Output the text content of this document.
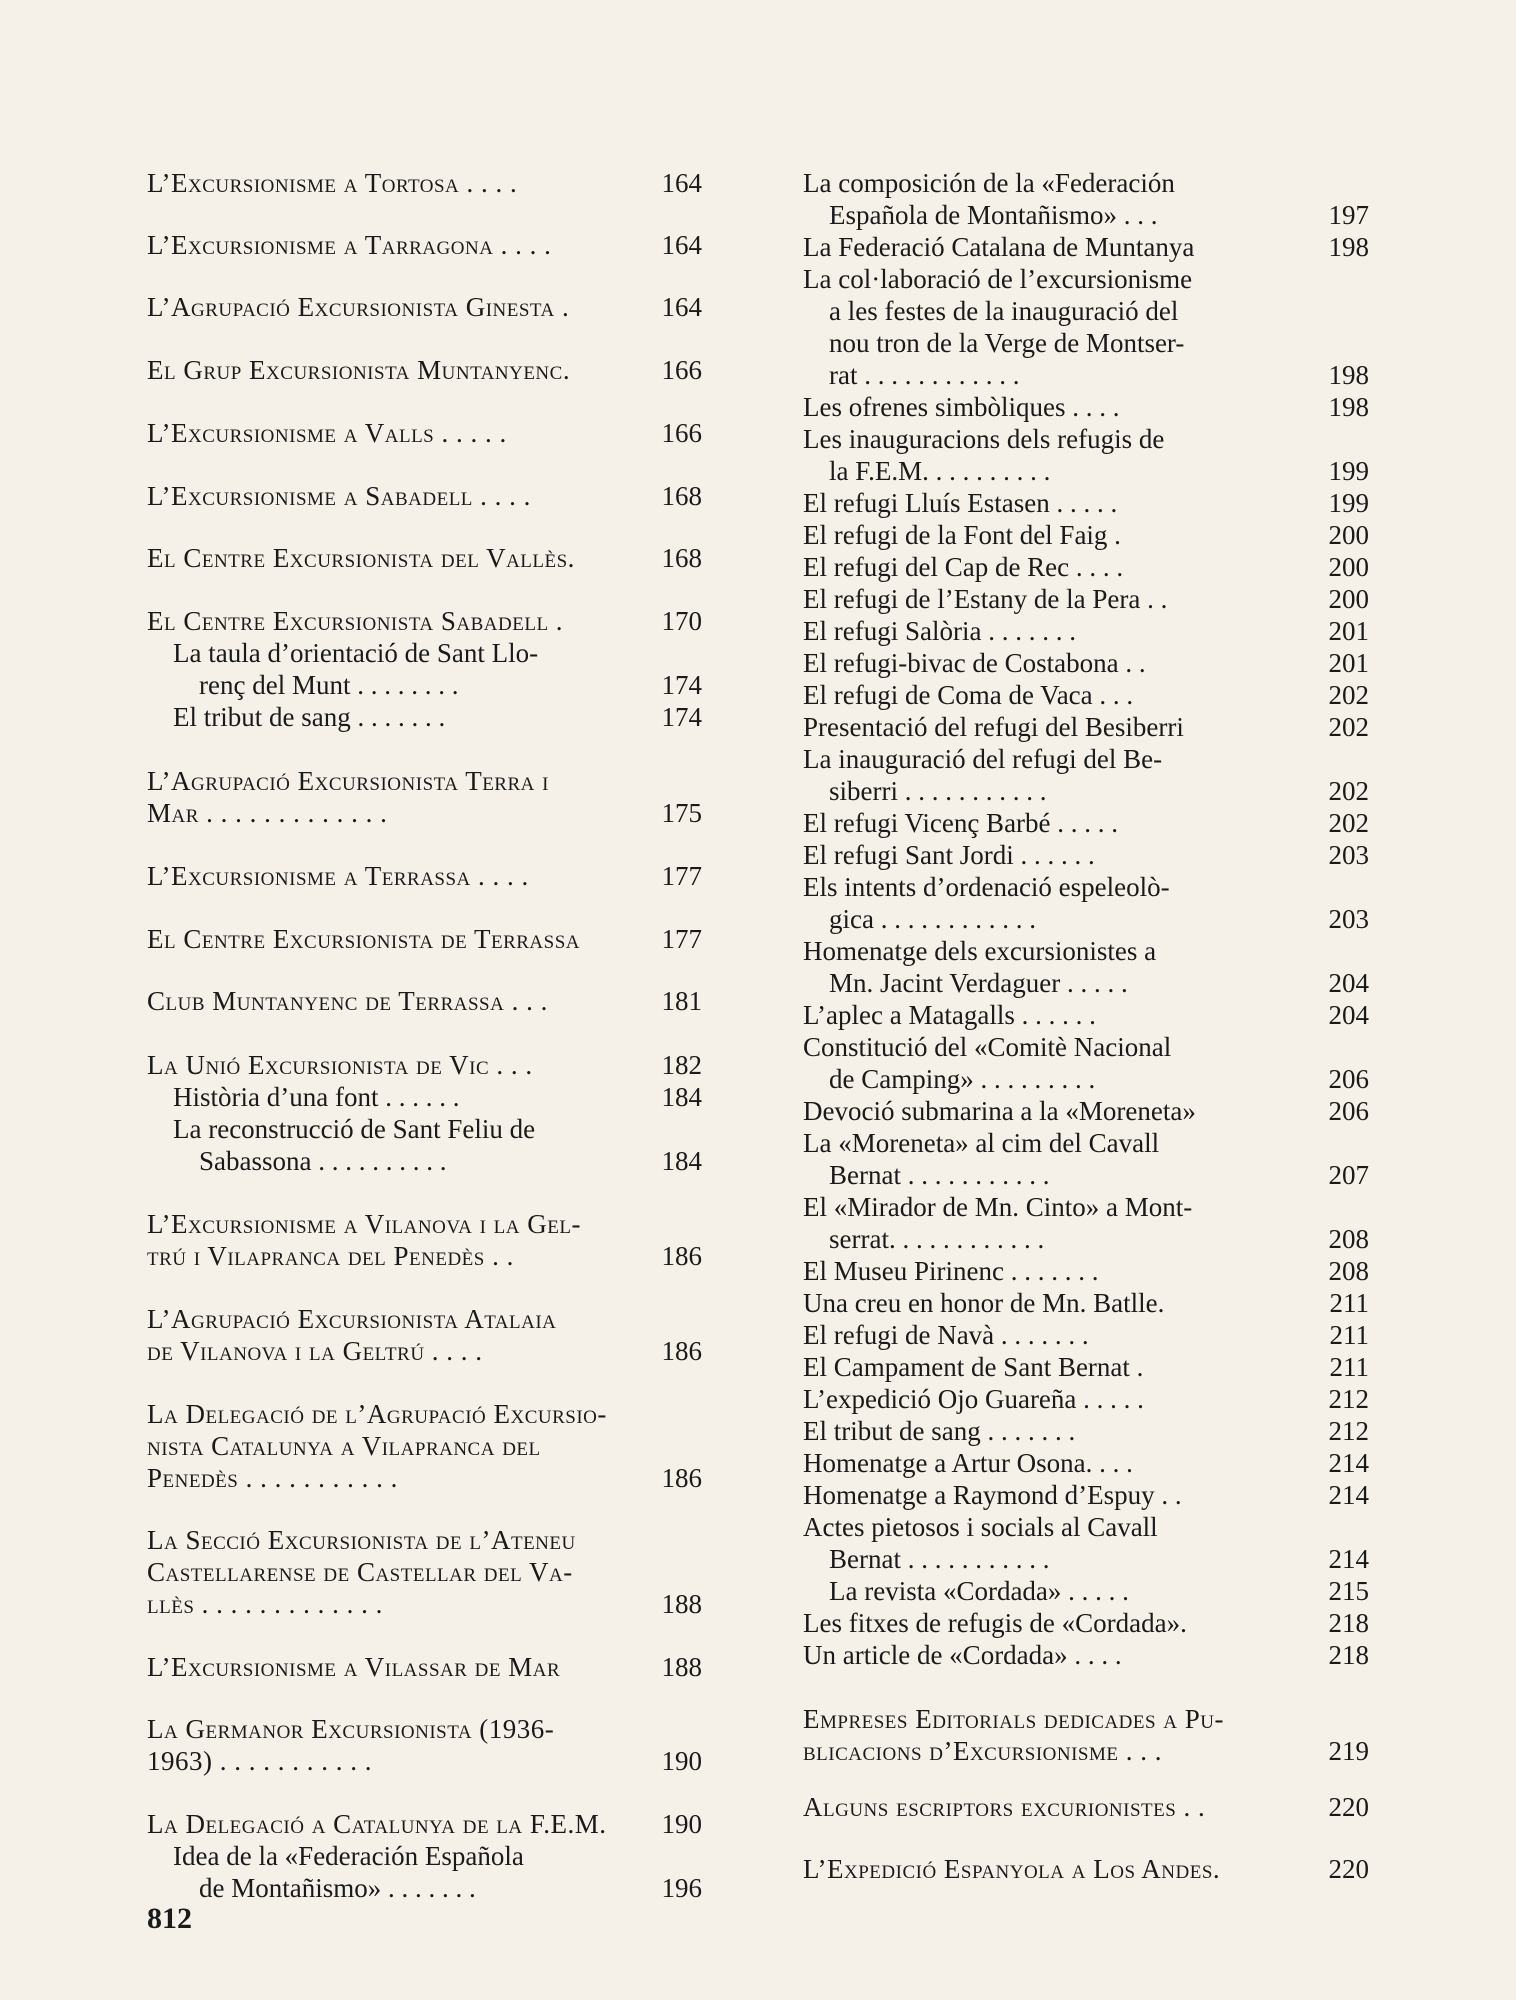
L’Excursionisme a Tortosa . . . .	164
L’Excursionisme a Tarragona . . . .	164
L’Agrupació Excursionista Ginesta .	164
El Grup Excursionista Muntanyenc.	166
L’Excursionisme a Valls . . . . .	166
L’Excursionisme a Sabadell . . . .	168
El Centre Excursionista del Vallès.	168
El Centre Excursionista Sabadell .	170
La taula d’orientació de Sant Llo-
renç del Munt . . . . . . . .	174
El tribut de sang . . . . . . .	174
L’Agrupació Excursionista Terra i
Mar . . . . . . . . . . . . .	175
L’Excursionisme a Terrassa . . . .	177
El Centre Excursionista de Terrassa	177
Club Muntanyenc de Terrassa . . .	181
La Unió Excursionista de Vic . . .	182
Història d’una font . . . . . .	184
La reconstrucció de Sant Feliu de
Sabassona . . . . . . . . . .	184
L’Excursionisme a Vilanova i la Gel-
trú i Vilapranca del Penedès . .	186
L’Agrupació Excursionista Atalaia
de Vilanova i la Geltrú . . . .	186
La Delegació de l’Agrupació Excursio-
nista Catalunya a Vilapranca del
Penedès . . . . . . . . . . .	186
La Secció Excursionista de l’Ateneu
Castellarense de Castellar del Va-
llès . . . . . . . . . . . . .	188
L’Excursionisme a Vilassar de Mar	188
La Germanor Excursionista (1936-
1963) . . . . . . . . . . .	190
La Delegació a Catalunya de la F.E.M.	190
Idea de la «Federación Española
de Montañismo» . . . . . . .	196
La composición de la «Federación
Española de Montañismo» . . .	197
La Federació Catalana de Muntanya	198
La col·laboració de l’excursionisme
a les festes de la inauguració del
nou tron de la Verge de Montser-
rat . . . . . . . . . . . .	198
Les ofrenes simbòliques . . . .	198
Les inauguracions dels refugis de
la F.E.M. . . . . . . . . .	199
El refugi Lluís Estasen . . . . .	199
El refugi de la Font del Faig .	200
El refugi del Cap de Rec . . . .	200
El refugi de l’Estany de la Pera . .	200
El refugi Salòria . . . . . . .	201
El refugi-bivac de Costabona . .	201
El refugi de Coma de Vaca . . .	202
Presentació del refugi del Besiberri	202
La inauguració del refugi del Be-
siberri . . . . . . . . . . .	202
El refugi Vicenç Barbé . . . . .	202
El refugi Sant Jordi . . . . . .	203
Els intents d’ordenació espeleolò-
gica . . . . . . . . . . . .	203
Homenatge dels excursionistes a
Mn. Jacint Verdaguer . . . . .	204
L’aplec a Matagalls . . . . . .	204
Constitució del «Comitè Nacional
de Camping» . . . . . . . . .	206
Devoció submarina a la «Moreneta»	206
La «Moreneta» al cim del Cavall
Bernat . . . . . . . . . . .	207
El «Mirador de Mn. Cinto» a Mont-
serrat. . . . . . . . . . . .	208
El Museu Pirinenc . . . . . . .	208
Una creu en honor de Mn. Batlle.	211
El refugi de Navà . . . . . . .	211
El Campament de Sant Bernat .	211
L’expedició Ojo Guareña . . . . .	212
El tribut de sang . . . . . . .	212
Homenatge a Artur Osona. . . .	214
Homenatge a Raymond d’Espuy . .	214
Actes pietosos i socials al Cavall
Bernat . . . . . . . . . . .	214
La revista «Cordada» . . . . .	215
Les fitxes de refugis de «Cordada».	218
Un article de «Cordada» . . . .	218
Empreses Editorials dedicades a Pu-
blicacions d’Excursionisme . . .	219
Alguns escriptors excurionistes . .	220
L’Expedició Espanyola a Los Andes.	220
812
